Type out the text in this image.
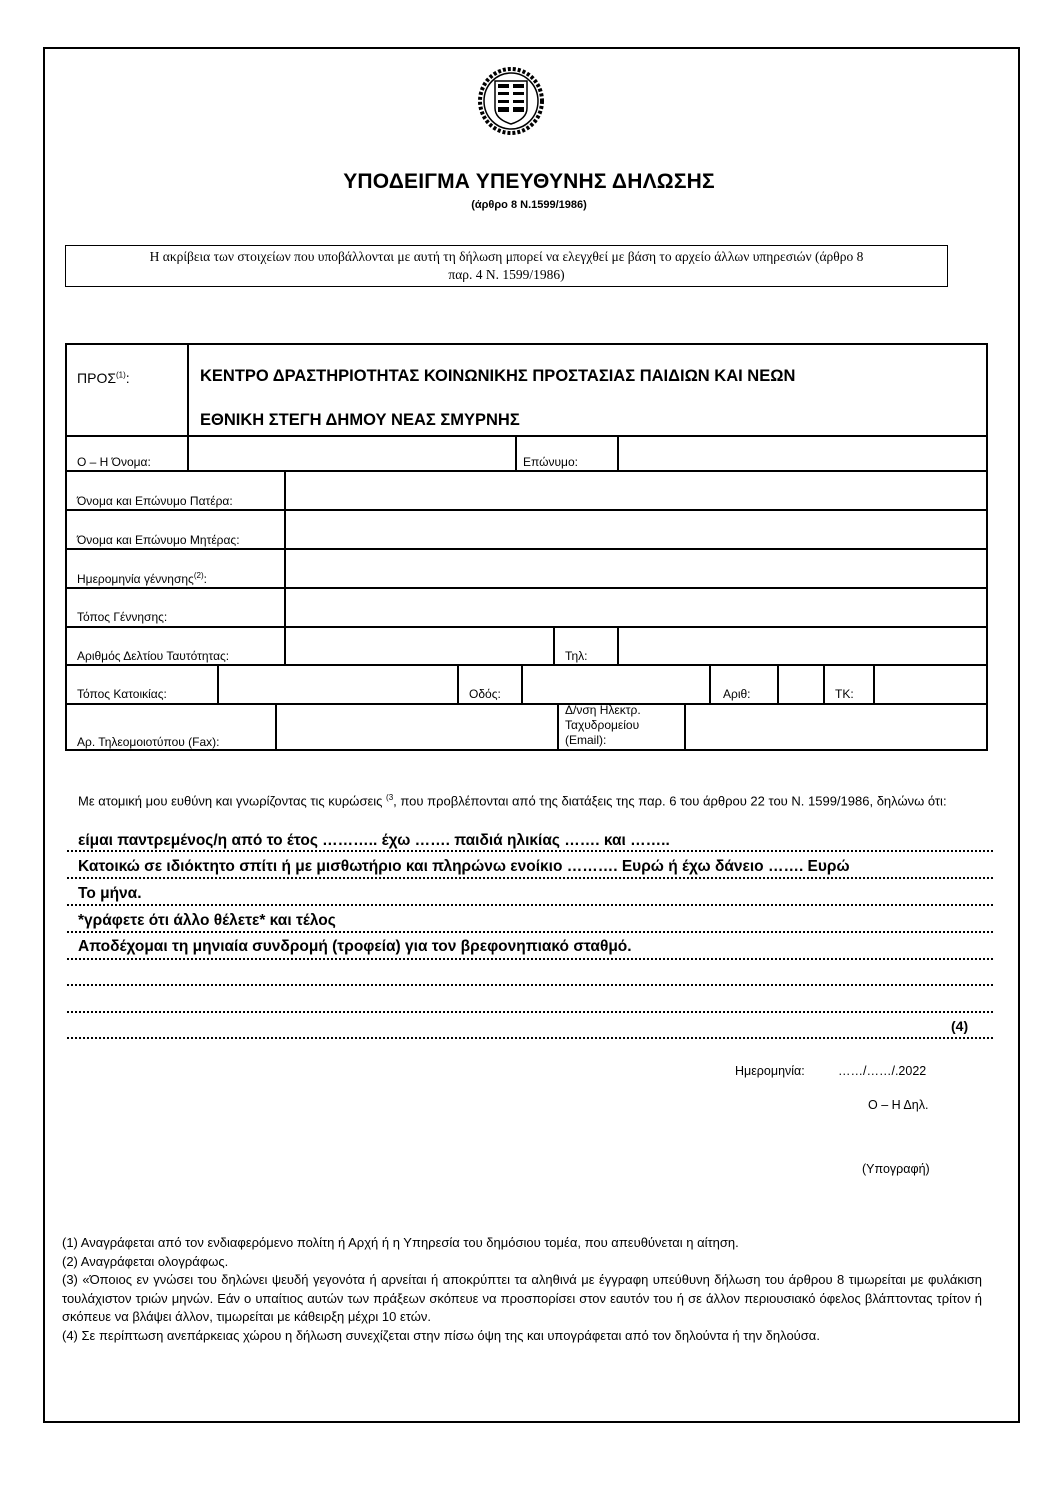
ΥΠΟΔΕΙΓΜΑ ΥΠΕΥΘΥΝΗΣ ΔΗΛΩΣΗΣ
(άρθρο 8 Ν.1599/1986)
Η ακρίβεια των στοιχείων που υποβάλλονται με αυτή τη δήλωση μπορεί να ελεγχθεί με βάση το αρχείο άλλων υπηρεσιών (άρθρο 8
παρ. 4 Ν. 1599/1986)
ΠΡΟΣ$^{(1)}$:	ΚΕΝΤΡΟ ΔΡΑΣΤΗΡΙΟΤΗΤΑΣ ΚΟΙΝΩΝΙΚΗΣ ΠΡΟΣΤΑΣΙΑΣ ΠΑΙΔΙΩΝ ΚΑΙ ΝΕΩΝ
ΕΘΝΙΚΗ ΣΤΕΓΗ ΔΗΜΟΥ ΝΕΑΣ ΣΜΥΡΝΗΣ
Ο – Η Όνομα:	Επώνυμο:
Όνομα και Επώνυμο Πατέρα:
Όνομα και Επώνυμο Μητέρας:
Ημερομηνία γέννησης$^{(2)}$:
Τόπος Γέννησης:
Αριθμός Δελτίου Ταυτότητας:	Τηλ:
Τόπος Κατοικίας:	Οδός:	Αριθ:	ΤΚ:
Αρ. Τηλεομοιοτύπου (Fax):
Δ/νση Ηλεκτρ.
Ταχυδρομείου
(Email):
Με ατομική μου ευθύνη και γνωρίζοντας τις κυρώσεις $^{(3}$, που προβλέπονται από της διατάξεις της παρ. 6 του άρθρου 22 του Ν. 1599/1986, δηλώνω ότι:
είμαι παντρεμένος/η από το έτος ……….. έχω ……. παιδιά ηλικίας ……. και ……..
Κατοικώ σε ιδιόκτητο σπίτι ή με μισθωτήριο και πληρώνω ενοίκιο ………. Ευρώ ή έχω δάνειο ……. Ευρώ
Το μήνα.
*γράφετε ότι άλλο θέλετε* και τέλος
Αποδέχομαι τη μηνιαία συνδρομή (τροφεία) για τον βρεφονηπιακό σταθμό.
(4)
Ημερομηνία:	……/……/.2022
Ο – Η Δηλ.
(Υπογραφή)
(1) Αναγράφεται από τον ενδιαφερόμενο πολίτη ή Αρχή ή η Υπηρεσία του δημόσιου τομέα, που απευθύνεται η αίτηση.
(2) Αναγράφεται ολογράφως.
(3) «Όποιος εν γνώσει του δηλώνει ψευδή γεγονότα ή αρνείται ή αποκρύπτει τα αληθινά με έγγραφη υπεύθυνη δήλωση του άρθρου 8 τιμωρείται με φυλάκιση τουλάχιστον τριών μηνών. Εάν ο υπαίτιος αυτών των πράξεων σκόπευε να προσπορίσει στον εαυτόν του ή σε άλλον περιουσιακό όφελος βλάπτοντας τρίτον ή σκόπευε να βλάψει άλλον, τιμωρείται με κάθειρξη μέχρι 10 ετών.
(4) Σε περίπτωση ανεπάρκειας χώρου η δήλωση συνεχίζεται στην πίσω όψη της και υπογράφεται από τον δηλούντα ή την δηλούσα.
